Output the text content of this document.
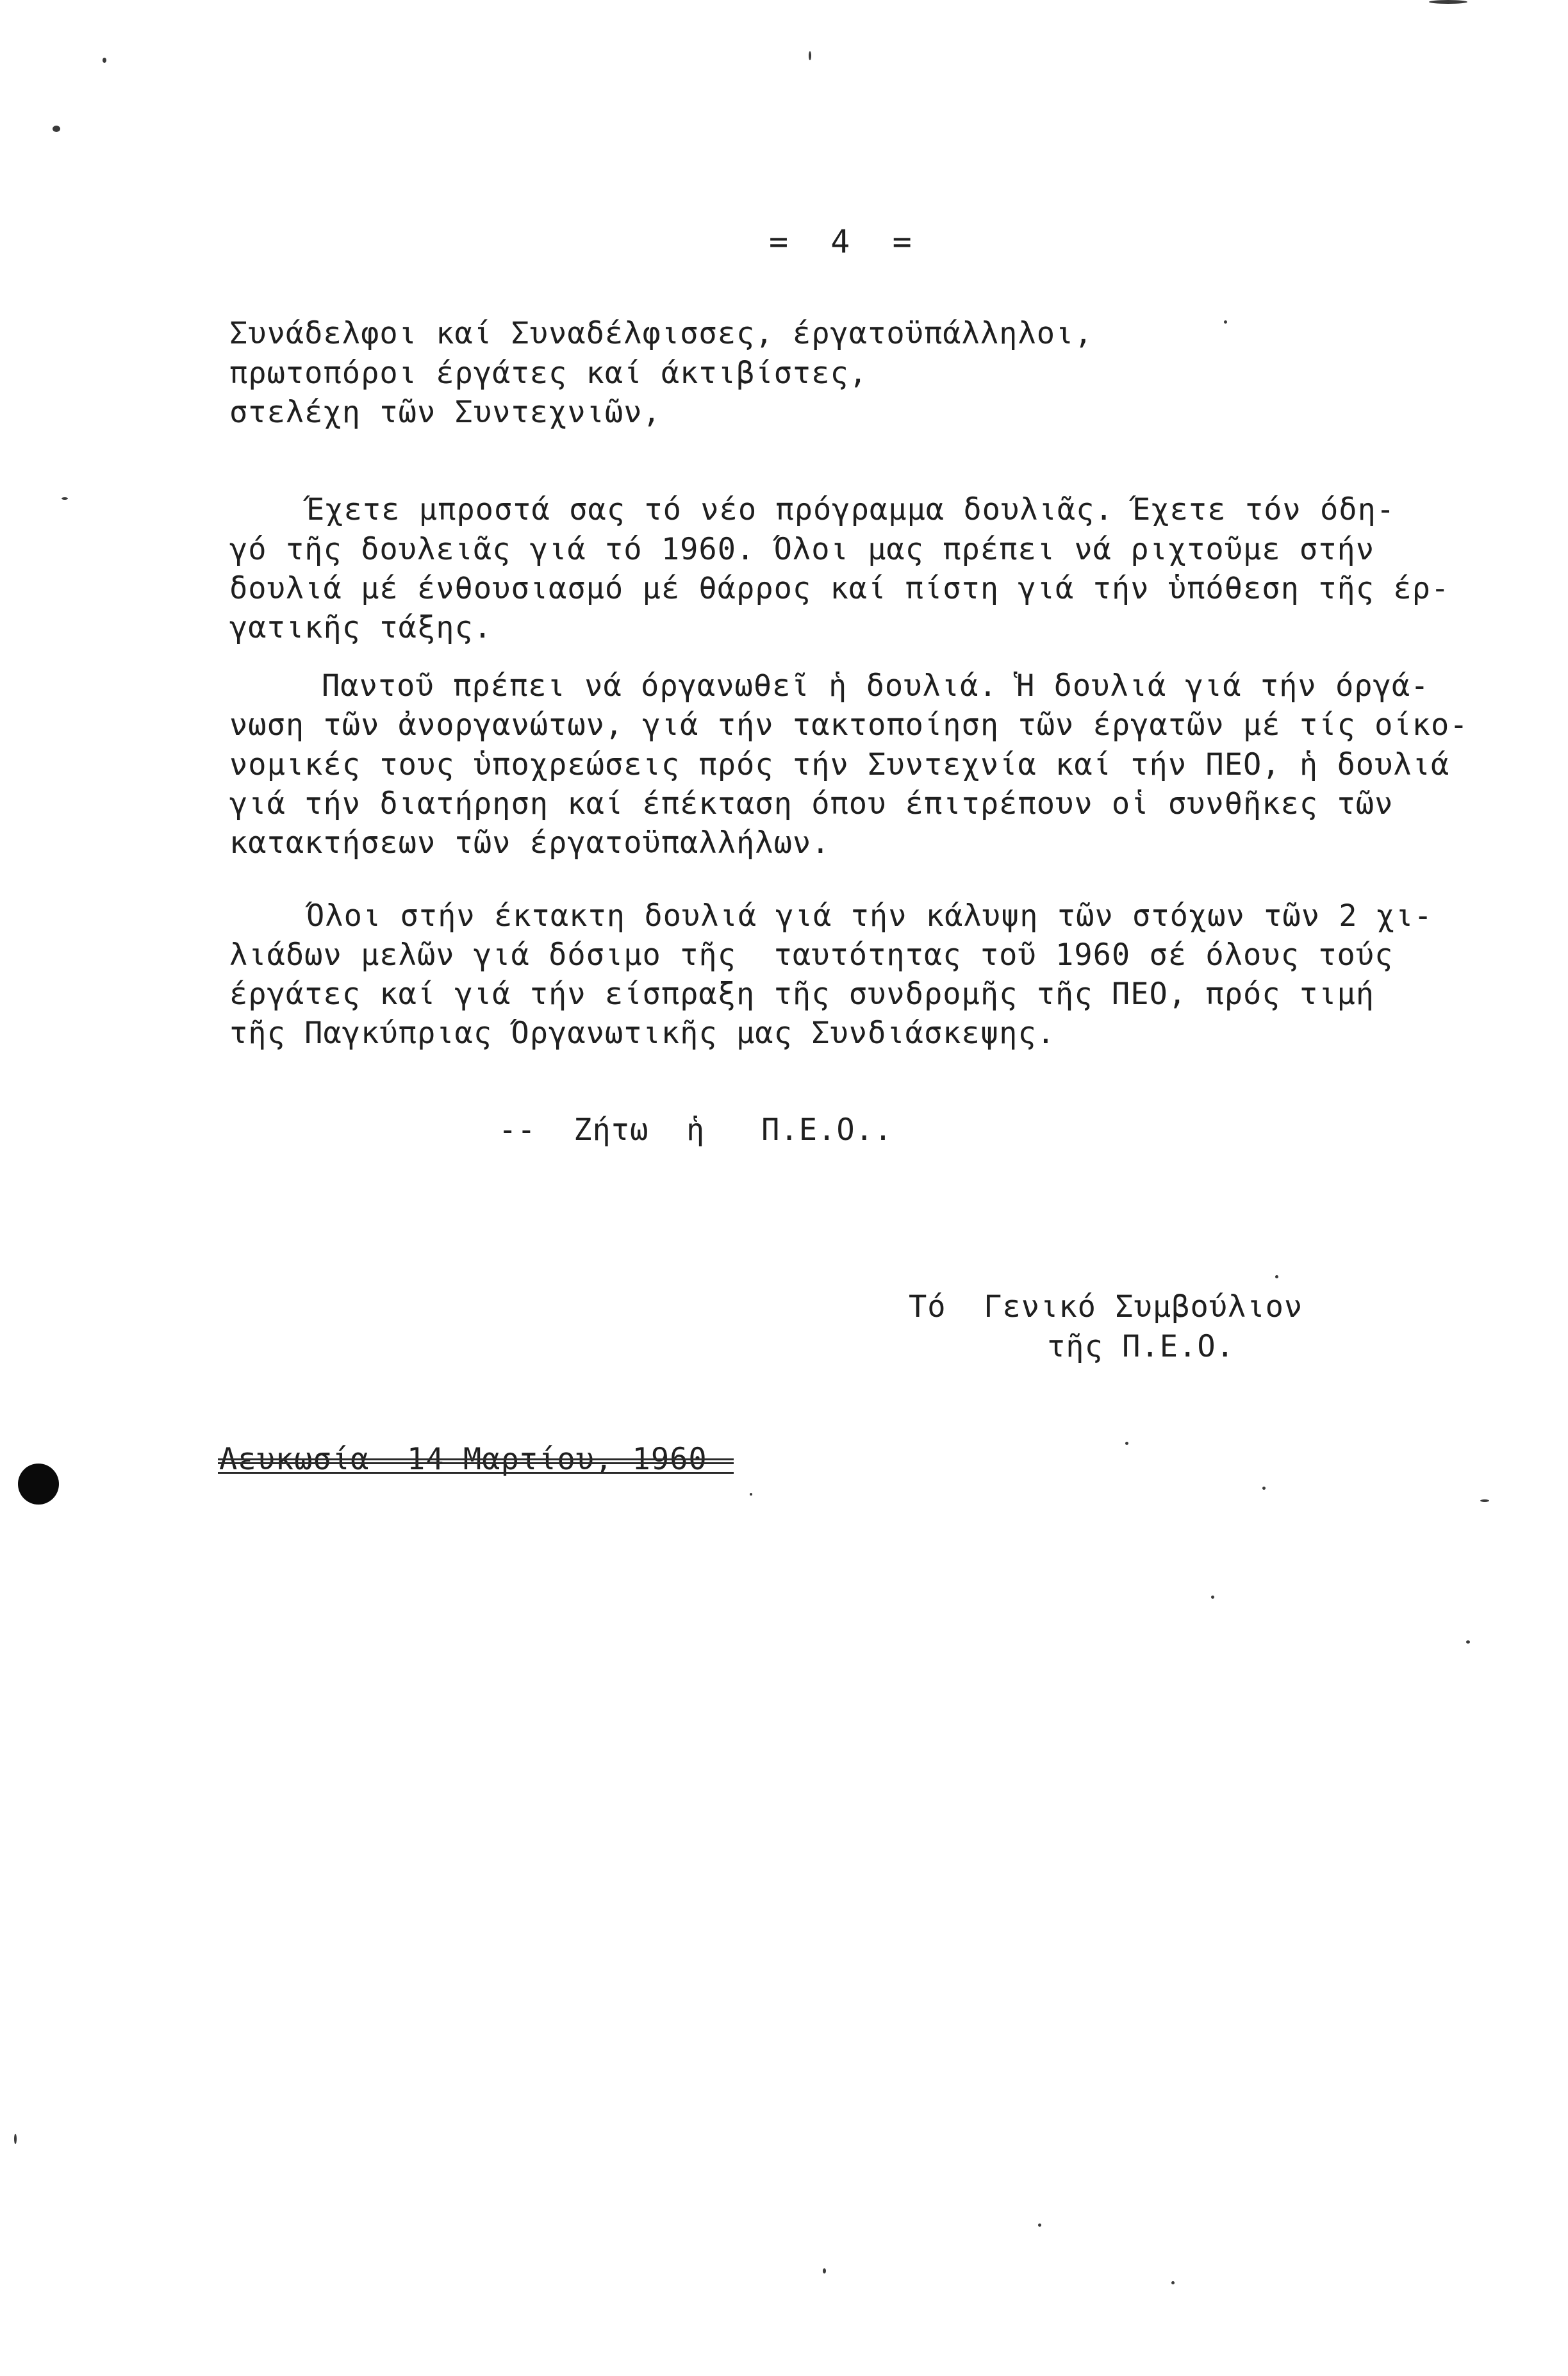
=  4  =
Συνάδελφοι καί Συναδέλφισσες, έργατοϋπάλληλοι,
πρωτοπόροι έργάτες καί άκτιβίστες,
στελέχη τῶν Συντεχνιῶν,
Έχετε μπροστά σας τό νέο πρόγραμμα δουλιᾶς. Έχετε τόν όδη-
γό τῆς δουλειᾶς γιά τό 1960. Όλοι μας πρέπει νά ριχτοῦμε στήν
δουλιά μέ ένθουσιασμό μέ θάρρος καί πίστη γιά τήν ὑπόθεση τῆς έρ-
γατικῆς τάξης.
Παντοῦ πρέπει νά όργανωθεῖ ἡ δουλιά. Ἡ δουλιά γιά τήν όργά-
νωση τῶν ἀνοργανώτων, γιά τήν τακτοποίηση τῶν έργατῶν μέ τίς οίκο-
νομικές τους ὑποχρεώσεις πρός τήν Συντεχνία καί τήν ΠΕΟ, ἡ δουλιά
γιά τήν διατήρηση καί έπέκταση όπου έπιτρέπουν οἱ συνθῆκες τῶν
κατακτήσεων τῶν έργατοϋπαλλήλων.
Όλοι στήν έκτακτη δουλιά γιά τήν κάλυψη τῶν στόχων τῶν 2 χι-
λιάδων μελῶν γιά δόσιμο τῆς  ταυτότητας τοῦ 1960 σέ όλους τούς
έργάτες καί γιά τήν είσπραξη τῆς συνδρομῆς τῆς ΠΕΟ, πρός τιμή
τῆς Παγκύπριας Όργανωτικῆς μας Συνδιάσκεψης.
--  Ζήτω  ἡ   Π.Ε.Ο..
Τό  Γενικό Συμβούλιον
τῆς Π.Ε.Ο.
Λευκωσία  14 Μαρτίου, 1960
